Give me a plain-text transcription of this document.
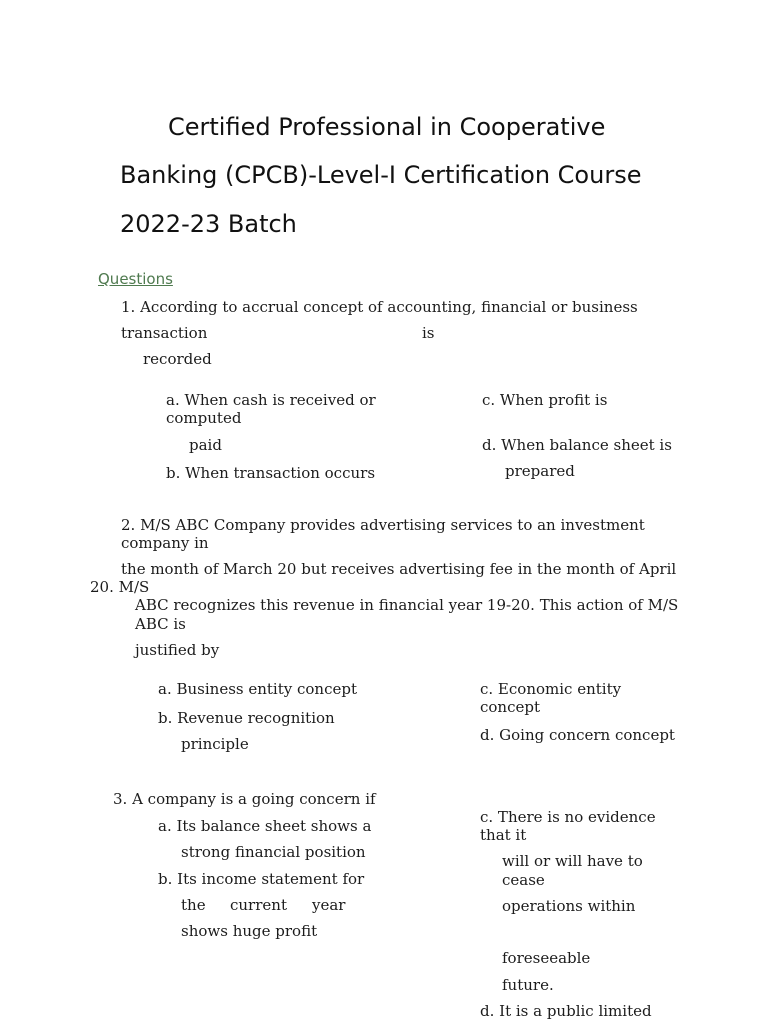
Certified Professional in Cooperative
Banking (CPCB)-Level-I Certification Course
2022-23 Batch
Questions
1. According to accrual concept of accounting, financial or business
transaction	is
recorded
a. When cash is received or
computed
paid
b. When transaction occurs
c. When profit is
d. When balance sheet is
prepared
2. M/S ABC Company provides advertising services to an investment
company in
the month of March 20 but receives advertising fee in the month of April
20. M/S
ABC recognizes this revenue in financial year 19-20. This action of M/S
ABC is
justified by
a. Business entity concept
b. Revenue recognition
principle
c. Economic entity
concept
d. Going concern concept
3. A company is a going concern if
a. Its balance sheet shows a
strong financial position
b. Its income statement for
the current year
shows huge profit
c. There is no evidence
that it
will or will have to
cease
operations within
foreseeable
future.
d. It is a public limited
